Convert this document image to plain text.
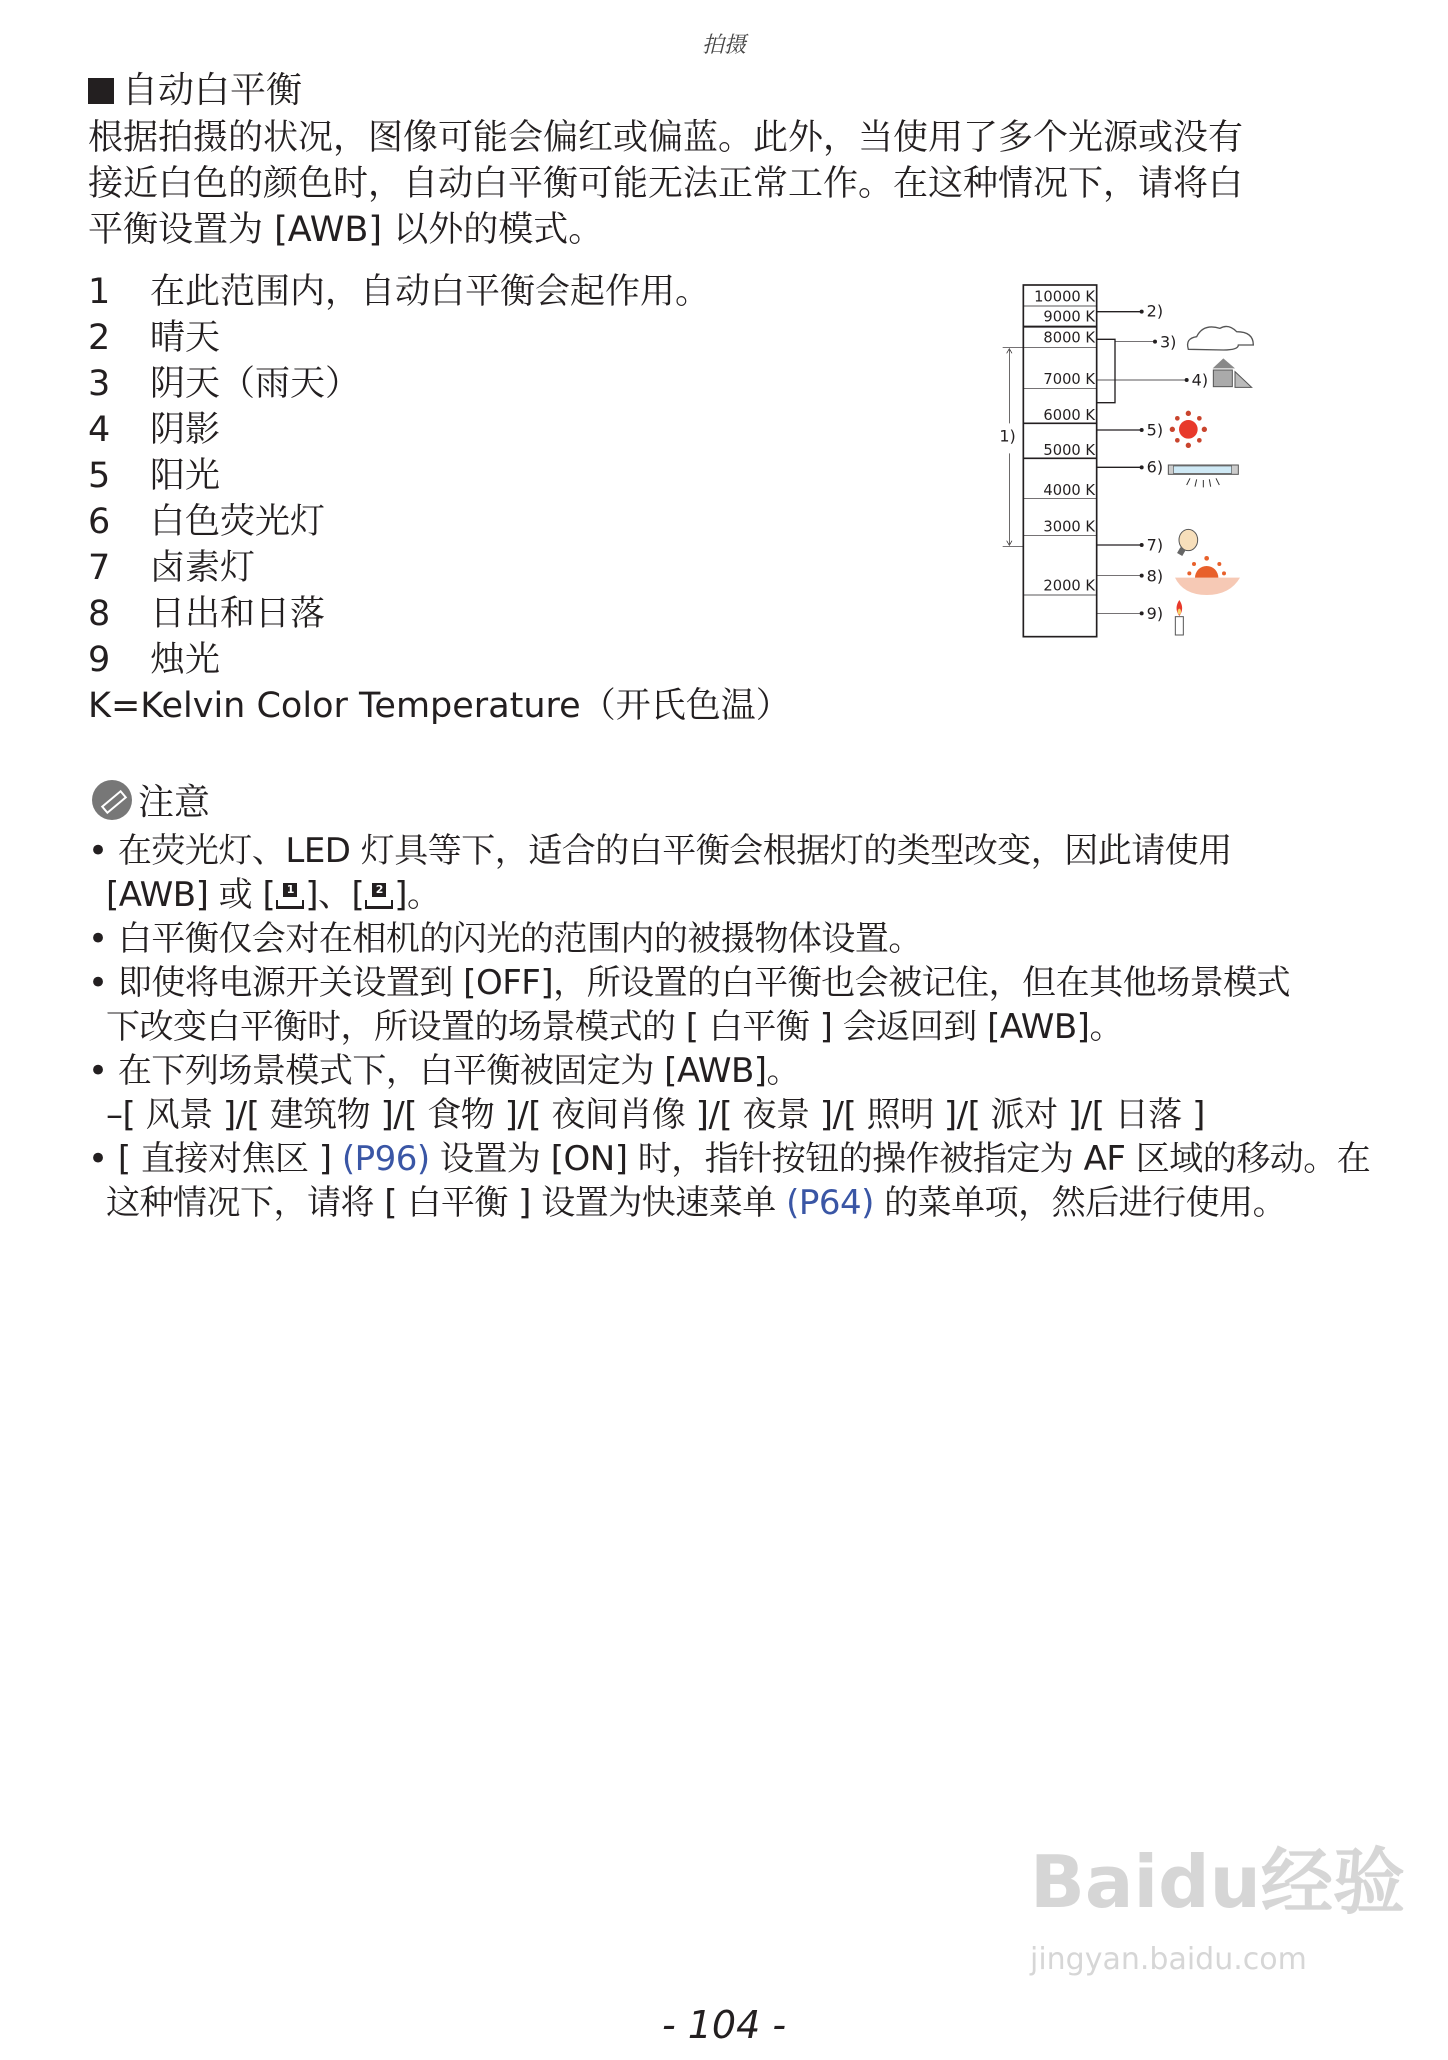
拍摄
自动白平衡
根据拍摄的状况，图像可能会偏红或偏蓝。此外，当使用了多个光源或没有
接近白色的颜色时，自动白平衡可能无法正常工作。在这种情况下，请将白
平衡设置为 [AWB] 以外的模式。
1 在此范围内，自动白平衡会起作用。
2 晴天
3 阴天（雨天）
4 阴影
5 阳光
6 白色荧光灯
7 卤素灯
8 日出和日落
9 烛光
K=Kelvin Color Temperature（开氏色温）
10000 K
9000 K
8000 K
7000 K
6000 K
5000 K
4000 K
3000 K
2000 K
1)
2)
3)
4)
5)
6)
7)
8)
9)
注意
• 在荧光灯、LED 灯具等下，适合的白平衡会根据灯的类型改变，因此请使用
[AWB] 或 [	1 ]、[	2 ]。
• 白平衡仅会对在相机的闪光的范围内的被摄物体设置。
• 即使将电源开关设置到 [OFF]，所设置的白平衡也会被记住，但在其他场景模式
下改变白平衡时，所设置的场景模式的 [ 白平衡 ] 会返回到 [AWB]。
• 在下列场景模式下，白平衡被固定为 [AWB]。
–[ 风景 ]/[ 建筑物 ]/[ 食物 ]/[ 夜间肖像 ]/[ 夜景 ]/[ 照明 ]/[ 派对 ]/[ 日落 ]
• [ 直接对焦区 ] (P96) 设置为 [ON] 时，指针按钮的操作被指定为 AF 区域的移动。在
这种情况下，请将 [ 白平衡 ] 设置为快速菜单 (P64) 的菜单项，然后进行使用。
Baidu经验
jingyan.baidu.com
- 104 -
